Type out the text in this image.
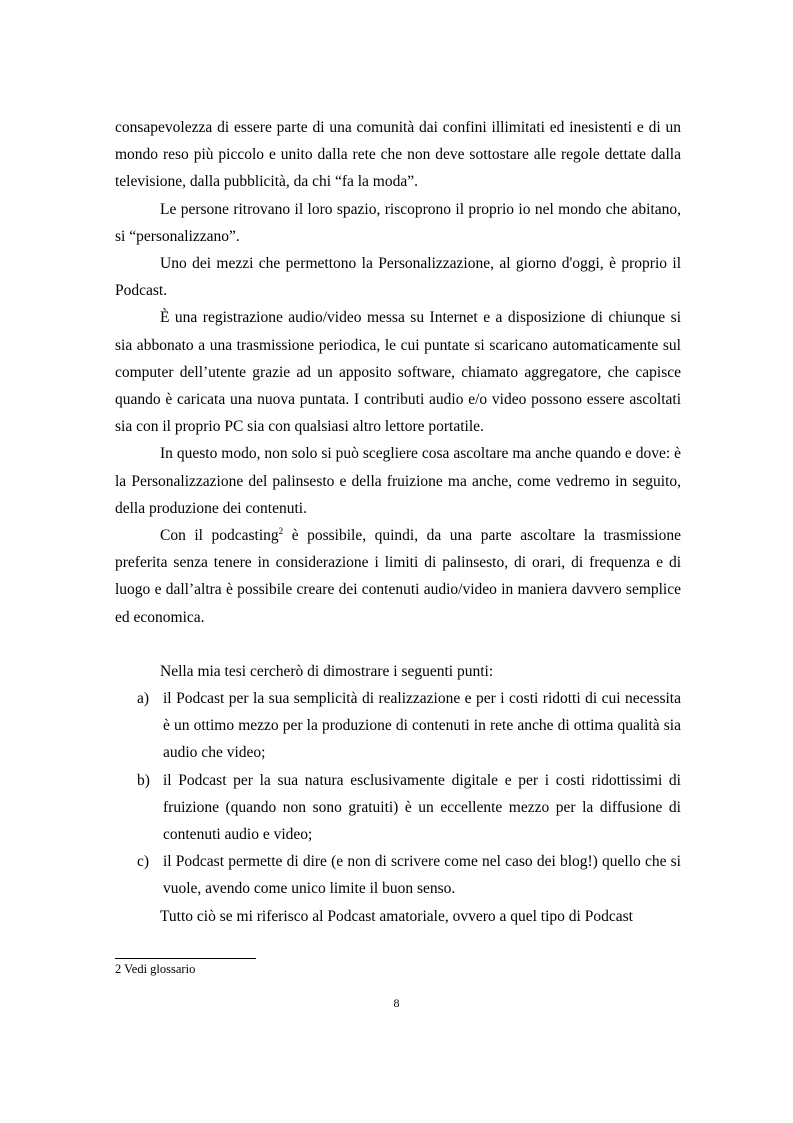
consapevolezza di essere parte di una comunità dai confini illimitati ed inesistenti e di un mondo reso più piccolo e unito dalla rete che non deve sottostare alle regole dettate dalla televisione, dalla pubblicità, da chi “fa la moda”.

Le persone ritrovano il loro spazio, riscoprono il proprio io nel mondo che abitano, si “personalizzano”.

Uno dei mezzi che permettono la Personalizzazione, al giorno d'oggi, è proprio il Podcast.

È una registrazione audio/video messa su Internet e a disposizione di chiunque si sia abbonato a una trasmissione periodica, le cui puntate si scaricano automaticamente sul computer dell’utente grazie ad un apposito software, chiamato aggregatore, che capisce quando è caricata una nuova puntata. I contributi audio e/o video possono essere ascoltati sia con il proprio PC sia con qualsiasi altro lettore portatile.

In questo modo, non solo si può scegliere cosa ascoltare ma anche quando e dove: è la Personalizzazione del palinsesto e della fruizione ma anche, come vedremo in seguito, della produzione dei contenuti.

Con il podcasting$^2$ è possibile, quindi, da una parte ascoltare la trasmissione preferita senza tenere in considerazione i limiti di palinsesto, di orari, di frequenza e di luogo e dall’altra è possibile creare dei contenuti audio/video in maniera davvero semplice ed economica.

Nella mia tesi cercherò di dimostrare i seguenti punti:

a) il Podcast per la sua semplicità di realizzazione e per i costi ridotti di cui necessita è un ottimo mezzo per la produzione di contenuti in rete anche di ottima qualità sia audio che video;
b) il Podcast per la sua natura esclusivamente digitale e per i costi ridottissimi di fruizione (quando non sono gratuiti) è un eccellente mezzo per la diffusione di contenuti audio e video;
c) il Podcast permette di dire (e non di scrivere come nel caso dei blog!) quello che si vuole, avendo come unico limite il buon senso.

Tutto ciò se mi riferisco al Podcast amatoriale, ovvero a quel tipo di Podcast

2 Vedi glossario
8
